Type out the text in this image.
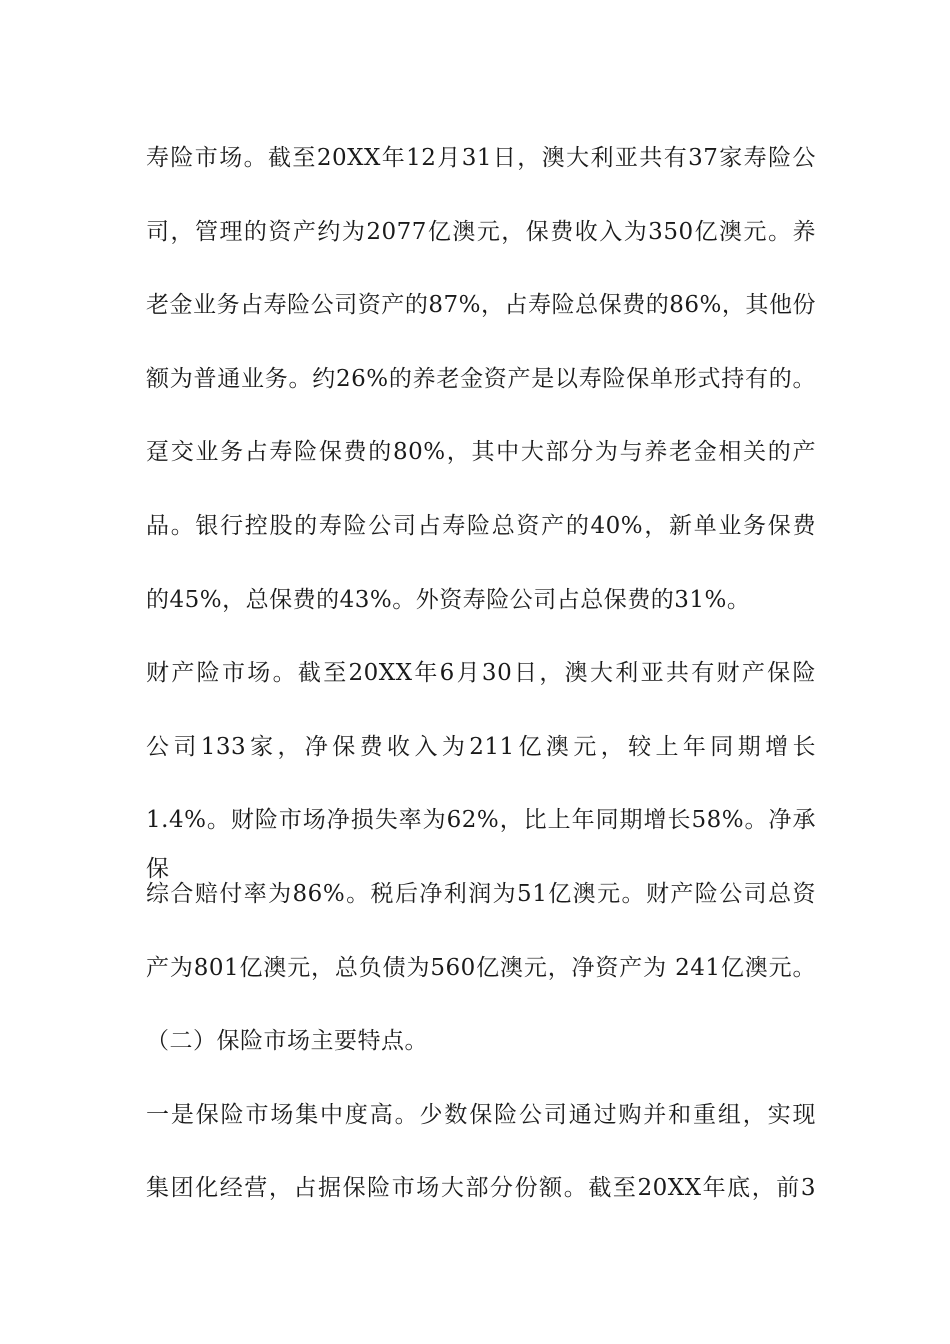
寿险市场。截至20XX年12月31日，澳大利亚共有37家寿险公
司，管理的资产约为2077亿澳元，保费收入为350亿澳元。养
老金业务占寿险公司资产的87%，占寿险总保费的86%，其他份
额为普通业务。约26%的养老金资产是以寿险保单形式持有的。
趸交业务占寿险保费的80%，其中大部分为与养老金相关的产
品。银行控股的寿险公司占寿险总资产的40%，新单业务保费
的45%，总保费的43%。外资寿险公司占总保费的31%。
财产险市场。截至20XX年6月30日，澳大利亚共有财产保险
公司133家，净保费收入为211亿澳元，较上年同期增长
1.4%。财险市场净损失率为62%，比上年同期增长58%。净承保
综合赔付率为86%。税后净利润为51亿澳元。财产险公司总资
产为801亿澳元，总负债为560亿澳元，净资产为 241亿澳元。
（二）保险市场主要特点。
一是保险市场集中度高。少数保险公司通过购并和重组，实现
集团化经营，占据保险市场大部分份额。截至20XX年底，前3
